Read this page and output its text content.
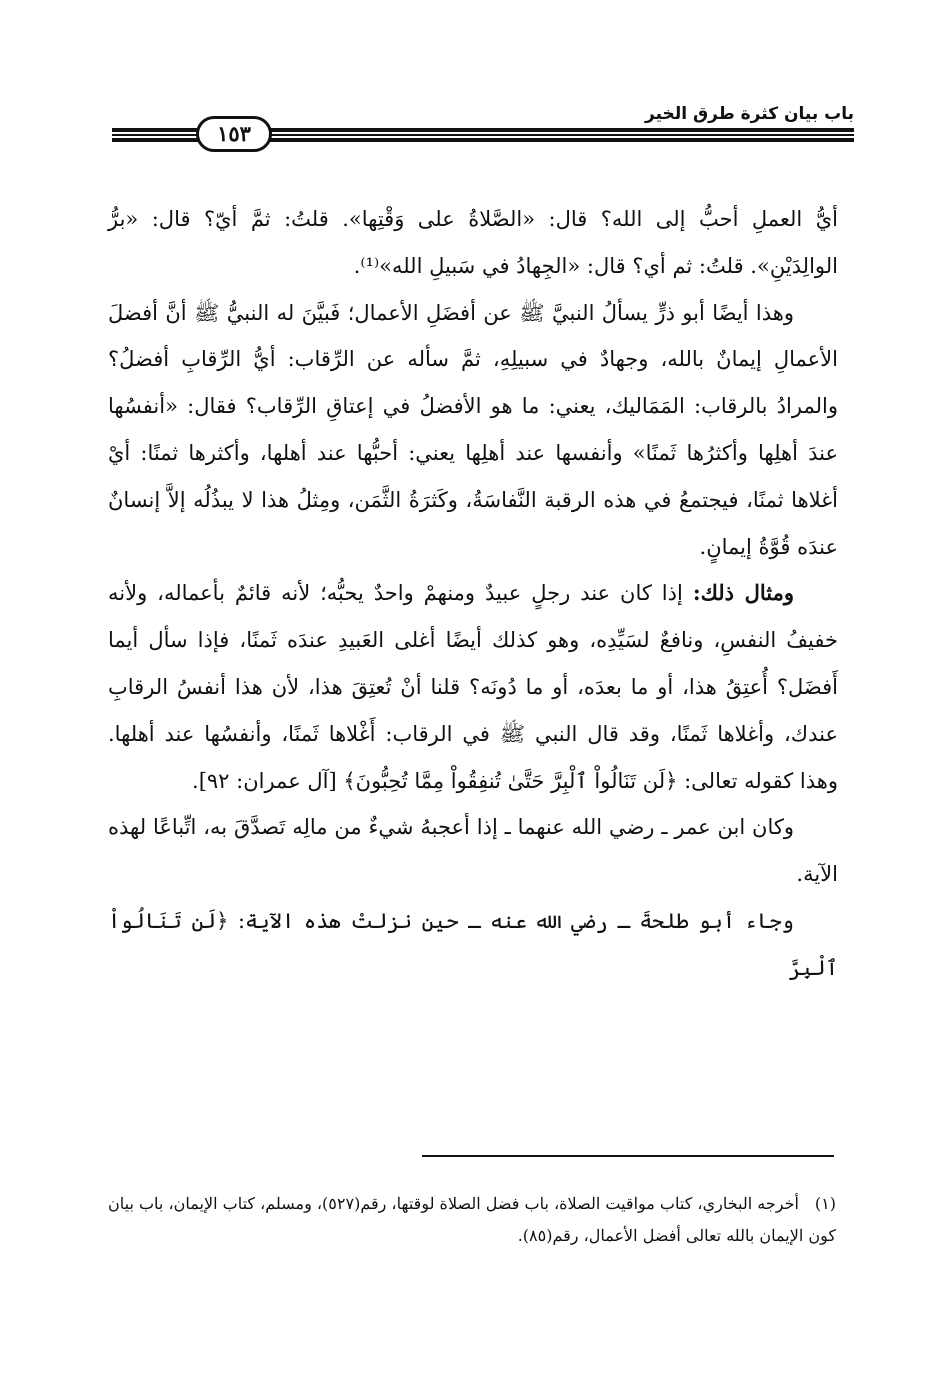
باب بيان كثرة طرق الخير
١٥٣

أيُّ العملِ أحبُّ إلى الله؟ قال: «الصَّلاةُ على وَقْتِها». قلتُ: ثمَّ أيّ؟ قال: «برُّ الوالِدَيْنِ». قلتُ: ثم أي؟ قال: «الجِهادُ في سَبيلِ الله»⁽¹⁾.

وهذا أيضًا أبو ذرٍّ يسألُ النبيَّ ﷺ عن أفضَلِ الأعمال؛ فَبيَّنَ له النبيُّ ﷺ أنَّ أفضلَ الأعمالِ إيمانٌ بالله، وجهادٌ في سبيلِهِ، ثمَّ سأله عن الرِّقاب: أيُّ الرِّقابِ أفضلُ؟ والمرادُ بالرقاب: المَمَاليك، يعني: ما هو الأفضلُ في إعتاقِ الرِّقاب؟ فقال: «أنفسُها عندَ أهلِها وأكثرُها ثَمنًا» وأنفسها عند أهلِها يعني: أحبُّها عند أهلها، وأكثرها ثمنًا: أيْ أغلاها ثمنًا، فيجتمعُ في هذه الرقبة النَّفاسَةُ، وكَثرَةُ الثَّمَن، ومِثلُ هذا لا يبذُلُه إلاَّ إنسانٌ عندَه قُوَّةُ إيمانٍ.

ومثال ذلك: إذا كان عند رجلٍ عبيدٌ ومنهمْ واحدٌ يحبُّه؛ لأنه قائمٌ بأعماله، ولأنه خفيفُ النفسِ، ونافعٌ لسَيِّدِه، وهو كذلك أيضًا أغلى العَبيدِ عندَه ثَمنًا، فإذا سأل أيما أَفضَل؟ أُعتِقُ هذا، أو ما بعدَه، أو ما دُونَه؟ قلنا أنْ تُعتِقَ هذا، لأن هذا أنفسُ الرقابِ عندك، وأغلاها ثَمنًا، وقد قال النبي ﷺ في الرقاب: أَغْلاها ثَمنًا، وأنفسُها عند أهلها. وهذا كقوله تعالى: ﴿لَن تَنَالُواْ ٱلْبِرَّ حَتَّىٰ تُنفِقُواْ مِمَّا تُحِبُّونَ﴾ [آل عمران: ٩٢].

وكان ابن عمر ـ رضي الله عنهما ـ إذا أعجبهُ شيءٌ من مالِه تَصدَّقَ به، اتِّباعًا لهذه الآية.

وجاء أبو طلحةَ ـ رضي الله عنه ـ حين نزلتْ هذه الآية: ﴿لَن تَنَالُواْ ٱلْبِرَّ

(١)أخرجه البخاري، كتاب مواقيت الصلاة، باب فضل الصلاة لوقتها، رقم(٥٢٧)، ومسلم، كتاب الإيمان، باب بيان كون الإيمان بالله تعالى أفضل الأعمال، رقم(٨٥).
